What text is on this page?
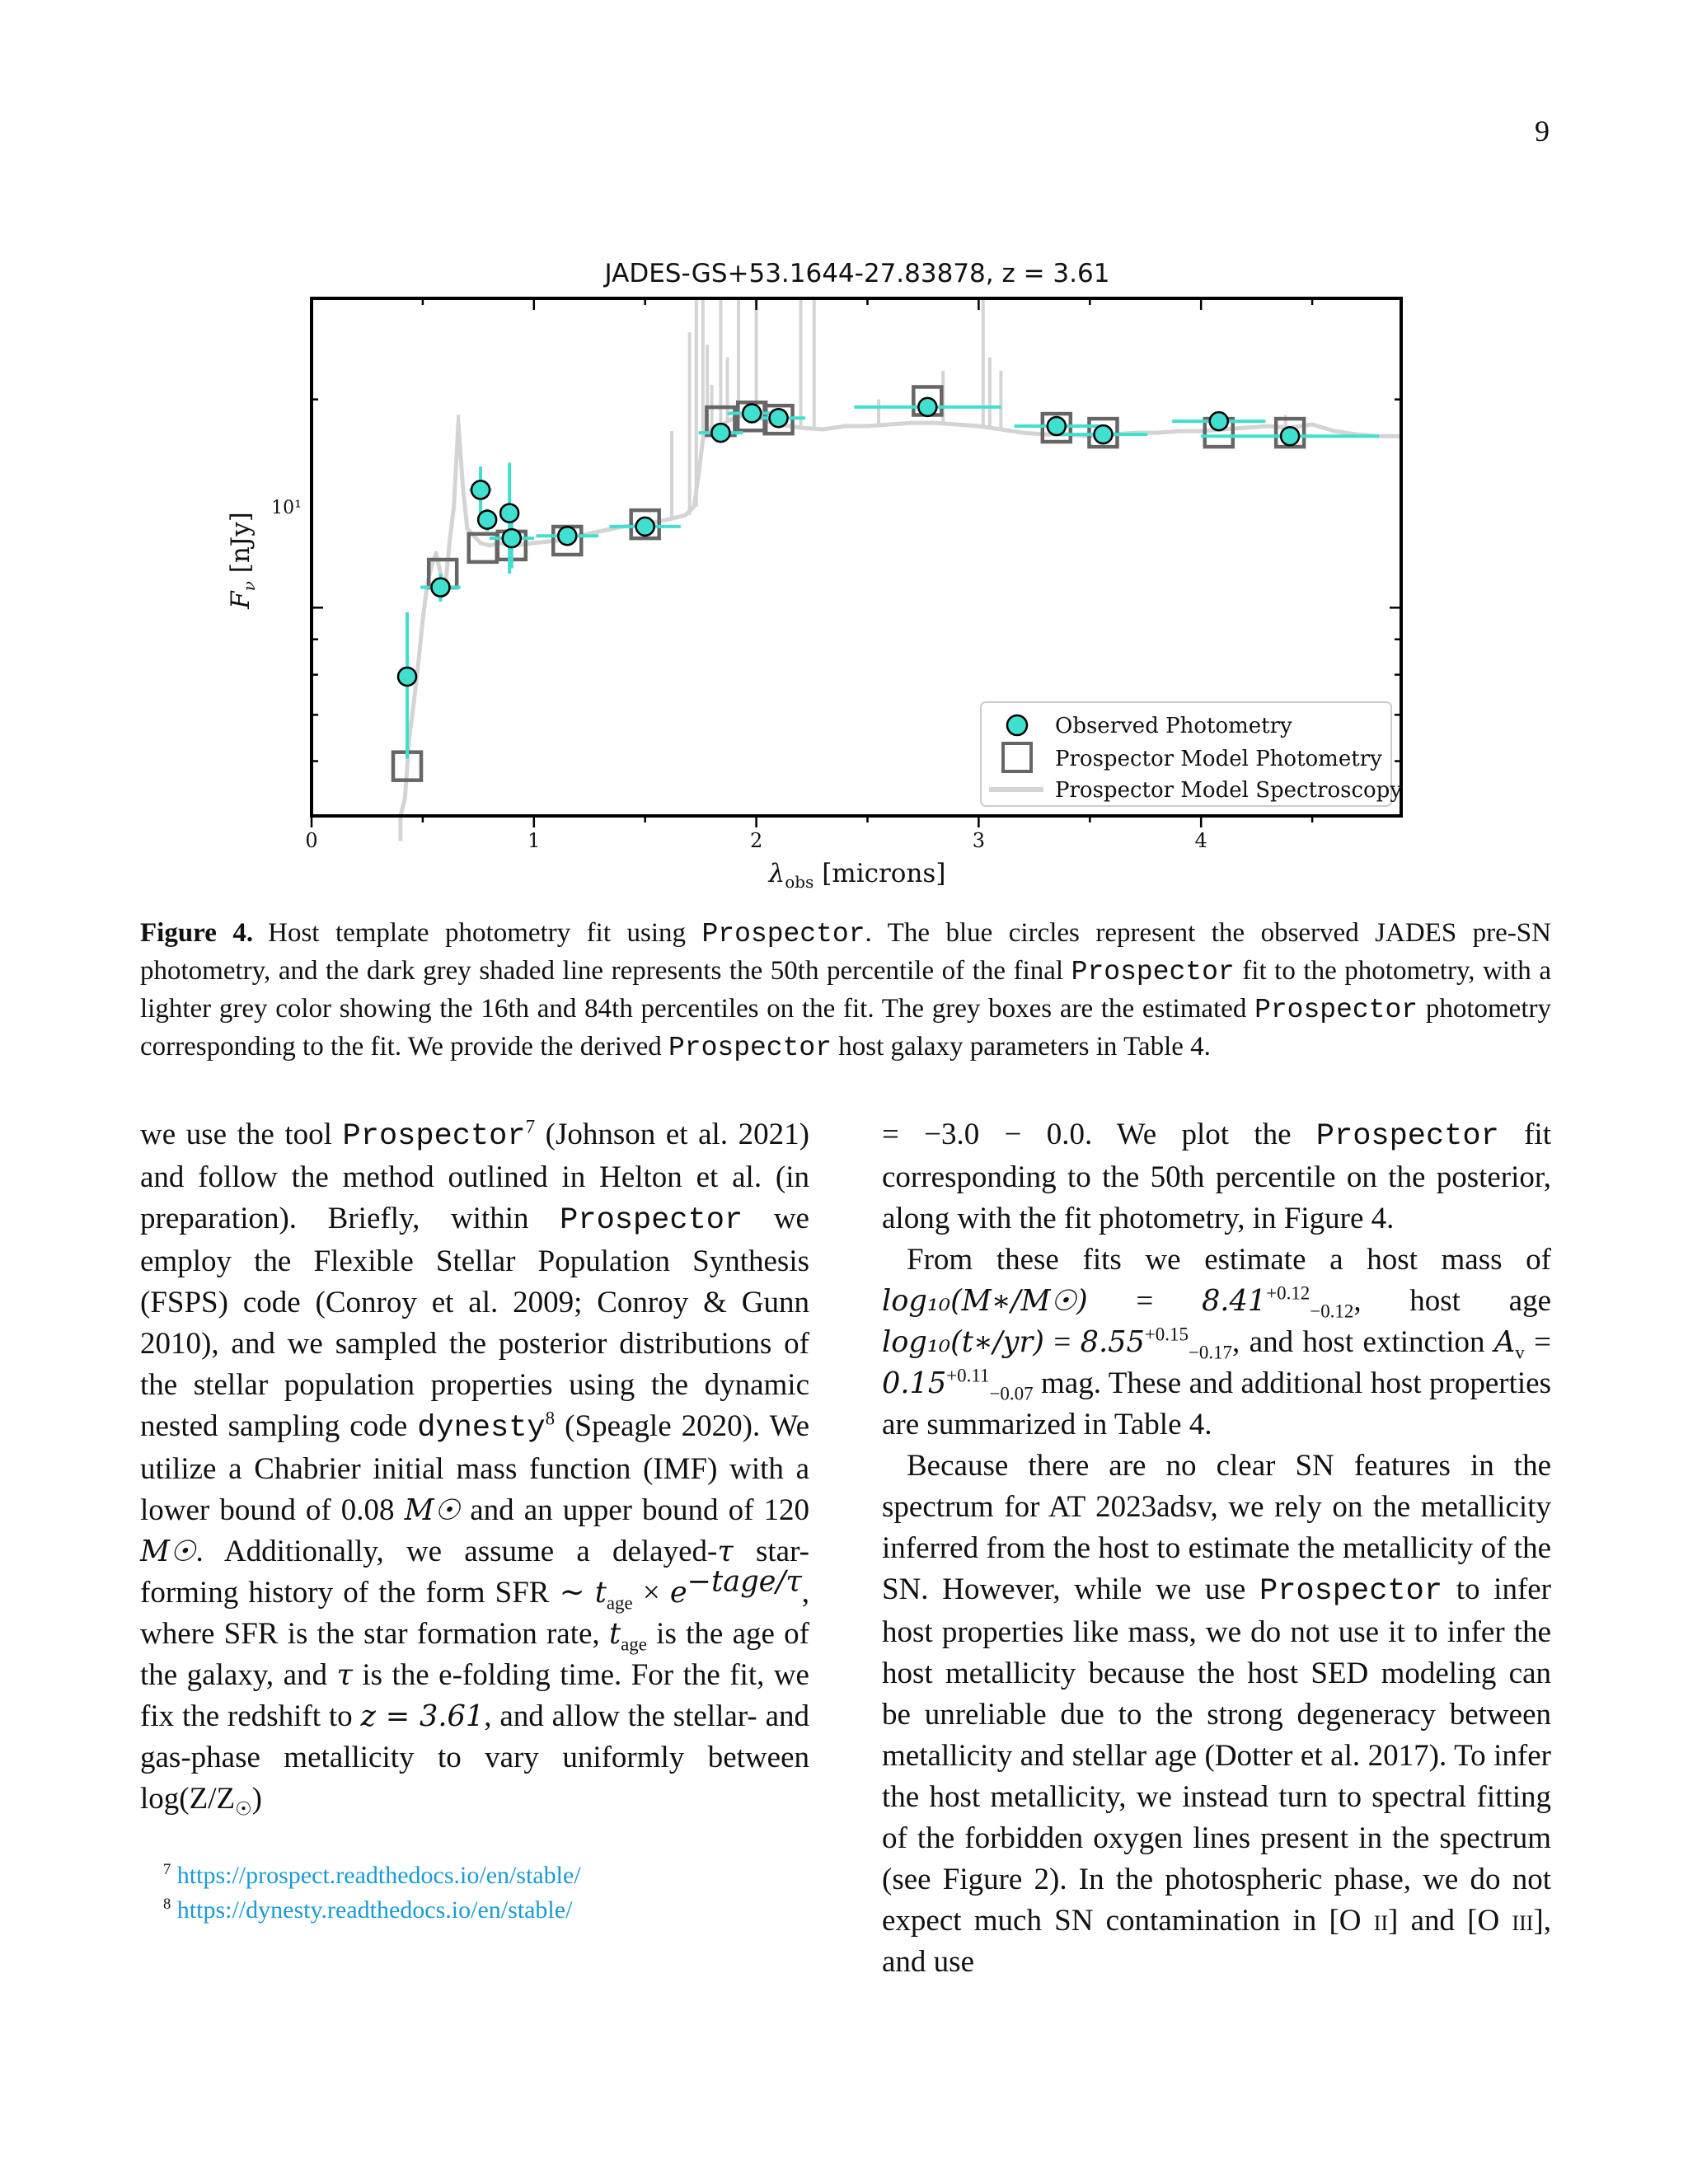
9
JADES-GS+53.1644-27.83878, z = 3.61
10¹
0	1	2	3	4
$\lambda_{obs}$ [microns]
$F_\nu$ [nJy]
Observed Photometry
Prospector Model Photometry
Prospector Model Spectroscopy
Figure 4. Host template photometry fit using Prospector. The blue circles represent the observed JADES pre-SN photometry, and the dark grey shaded line represents the 50th percentile of the final Prospector fit to the photometry, with a lighter grey color showing the 16th and 84th percentiles on the fit. The grey boxes are the estimated Prospector photometry corresponding to the fit. We provide the derived Prospector host galaxy parameters in Table 4.

we use the tool Prospector$^7$ (Johnson et al. 2021) and follow the method outlined in Helton et al. (in preparation). Briefly, within Prospector we employ the Flexible Stellar Population Synthesis (FSPS) code (Conroy et al. 2009; Conroy & Gunn 2010), and we sampled the posterior distributions of the stellar population properties using the dynamic nested sampling code dynesty$^8$ (Speagle 2020). We utilize a Chabrier initial mass function (IMF) with a lower bound of 0.08 M☉ and an upper bound of 120 M☉. Additionally, we assume a delayed-τ star-forming history of the form SFR ∼ $t_{age} \times e^{-tage/\tau}$, where SFR is the star formation rate, $t_{age}$ is the age of the galaxy, and τ is the e-folding time. For the fit, we fix the redshift to z = 3.61, and allow the stellar- and gas-phase metallicity to vary uniformly between $\log(Z/Z_☉)$

$^7$ https://prospect.readthedocs.io/en/stable/
$^8$ https://dynesty.readthedocs.io/en/stable/

= −3.0 − 0.0. We plot the Prospector fit corresponding to the 50th percentile on the posterior, along with the fit photometry, in Figure 4.

From these fits we estimate a host mass of log₁₀(M∗/M☉) = $8.41^{+0.12}_{-0.12}$, host age log₁₀(t∗/yr) = $8.55^{+0.15}_{-0.17}$, and host extinction $A_v = 0.15^{+0.11}_{-0.07}$ mag. These and additional host properties are summarized in Table 4.

Because there are no clear SN features in the spectrum for AT 2023adsv, we rely on the metallicity inferred from the host to estimate the metallicity of the SN. However, while we use Prospector to infer host properties like mass, we do not use it to infer the host metallicity because the host SED modeling can be unreliable due to the strong degeneracy between metallicity and stellar age (Dotter et al. 2017). To infer the host metallicity, we instead turn to spectral fitting of the forbidden oxygen lines present in the spectrum (see Figure 2). In the photospheric phase, we do not expect much SN contamination in [O ii] and [O iii], and use
